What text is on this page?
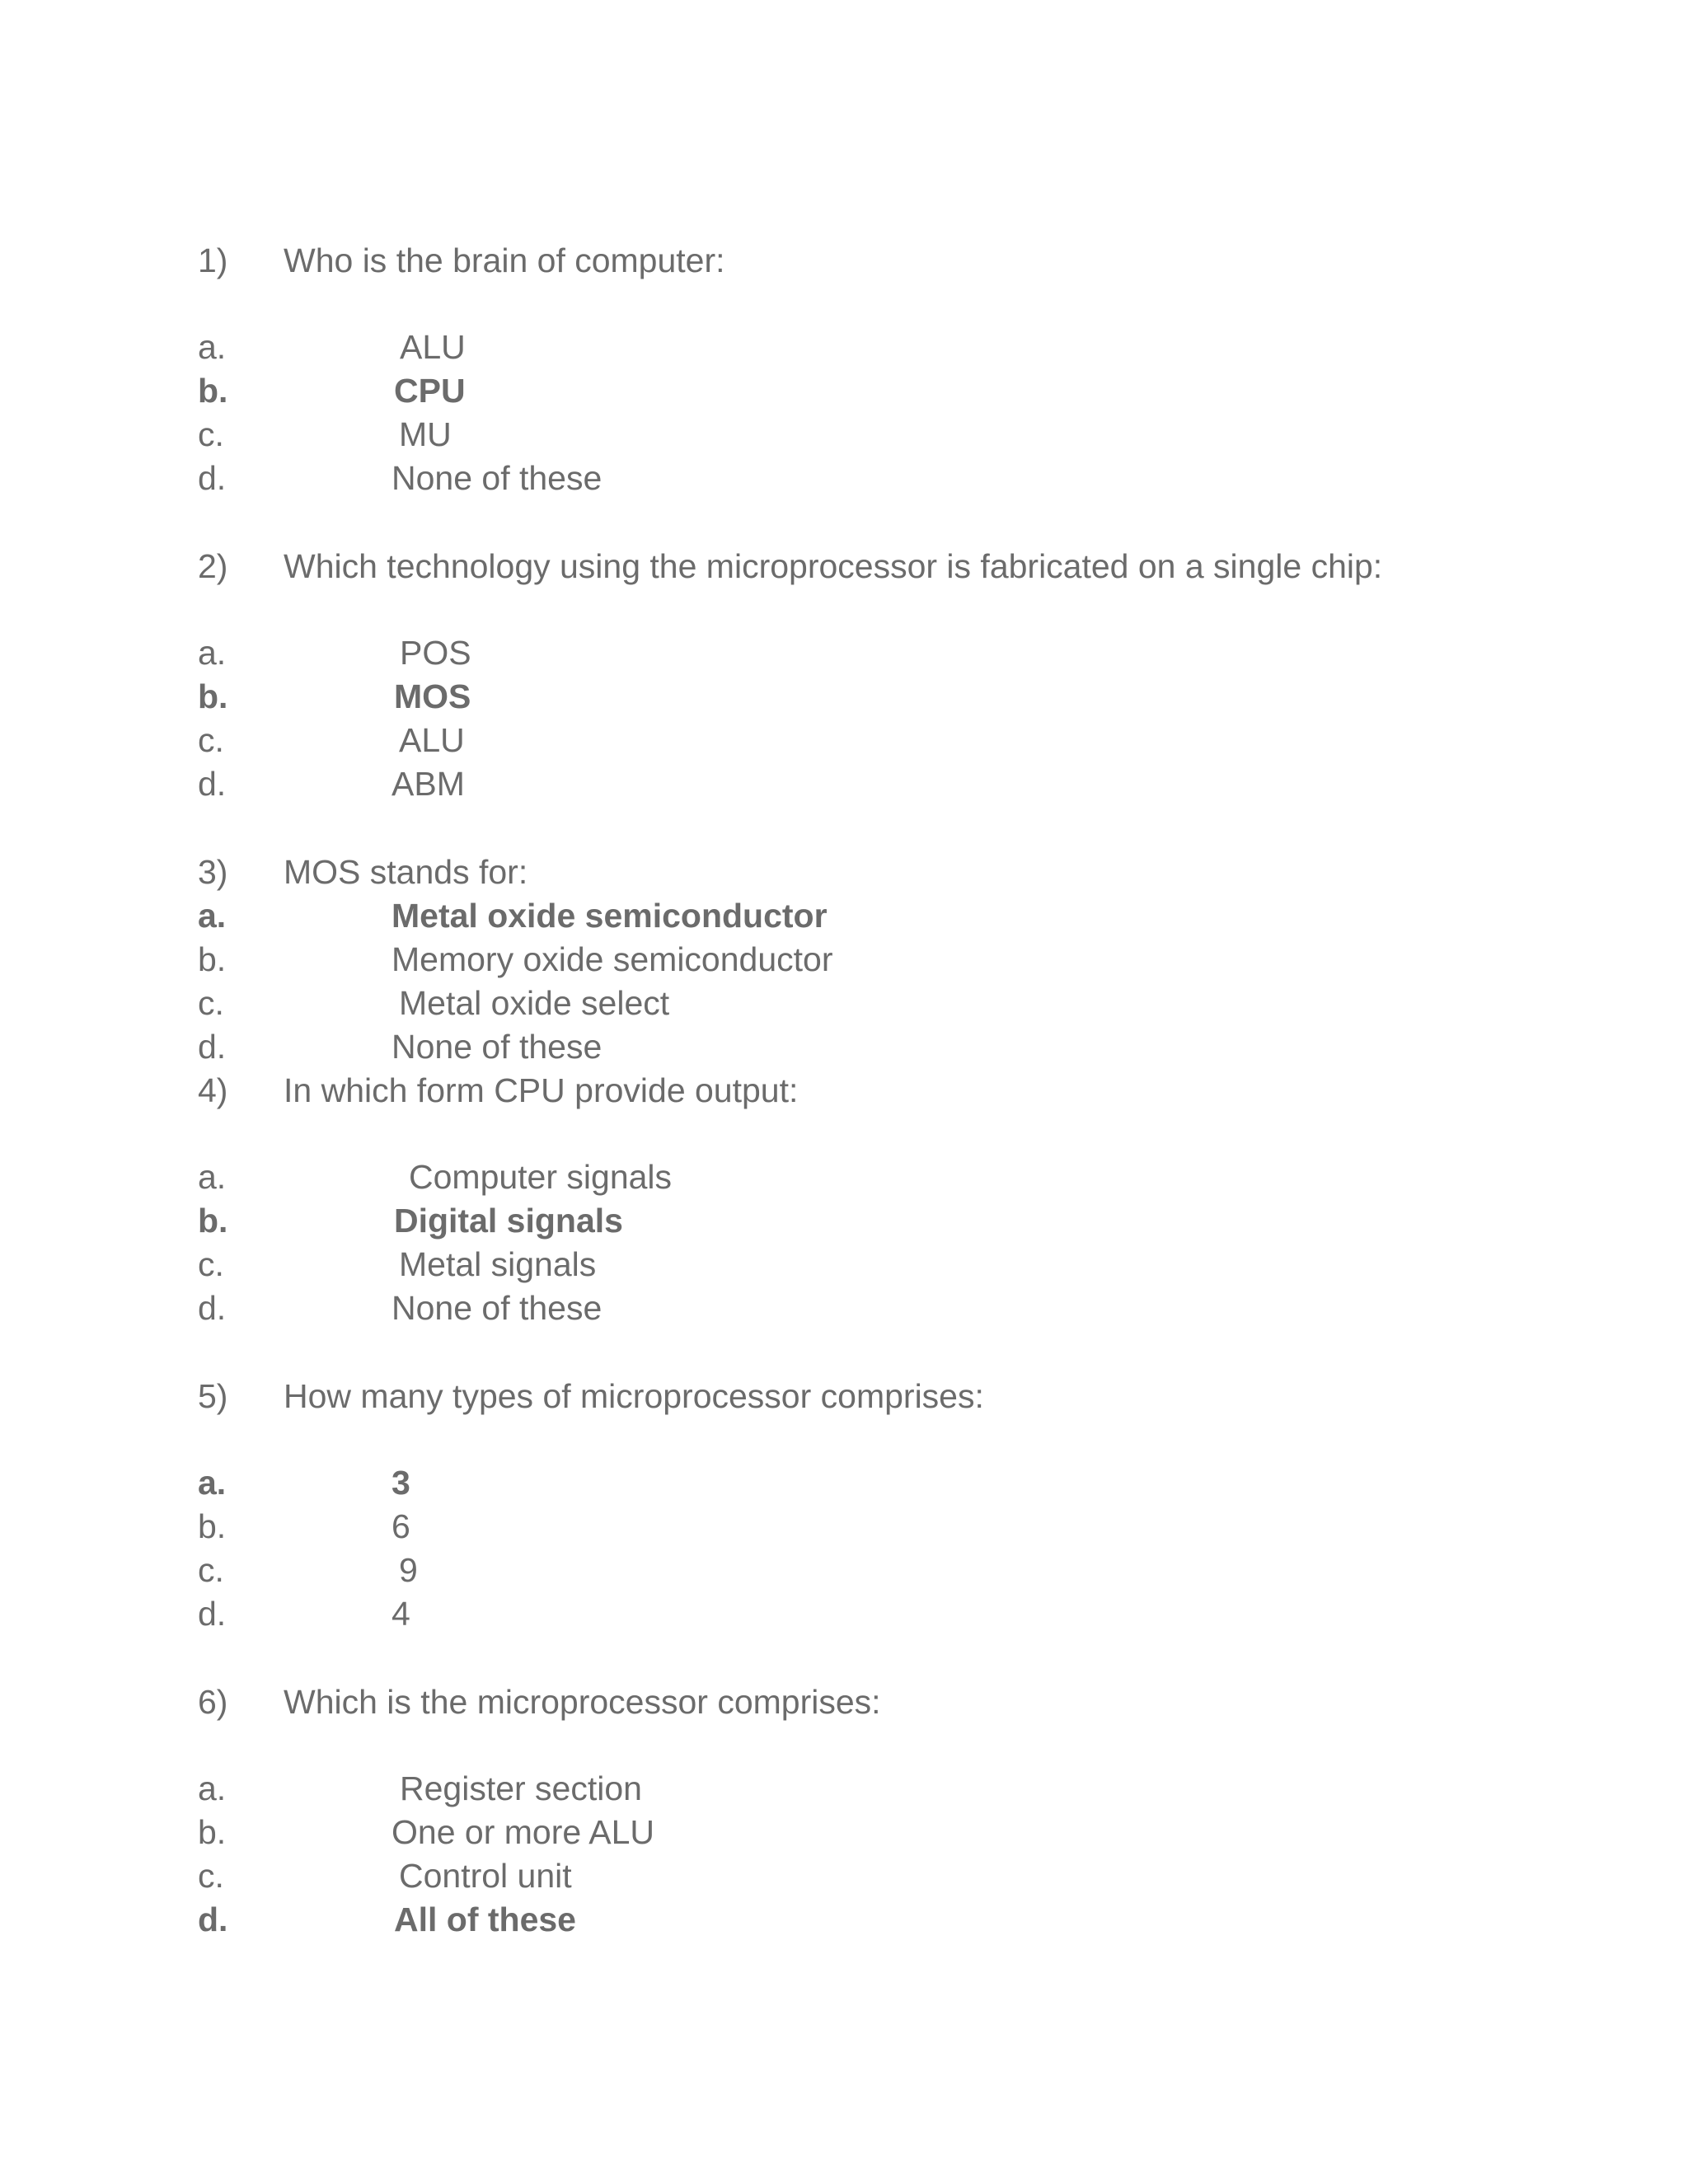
1) Who is the brain of computer:
a.	ALU
b.	CPU
c.	MU
d.	None of these
2) Which technology using the microprocessor is fabricated on a single chip:
a.	POS
b.	MOS
c.	ALU
d.	ABM
3) MOS stands for:
a.	Metal oxide semiconductor
b.	Memory oxide semiconductor
c.	Metal oxide select
d.	None of these
4) In which form CPU provide output:
a.	Computer signals
b.	Digital signals
c.	Metal signals
d.	None of these
5) How many types of microprocessor comprises:
a.	3
b.	6
c.	9
d.	4
6) Which is the microprocessor comprises:
a.	Register section
b.	One or more ALU
c.	Control unit
d.	All of these
